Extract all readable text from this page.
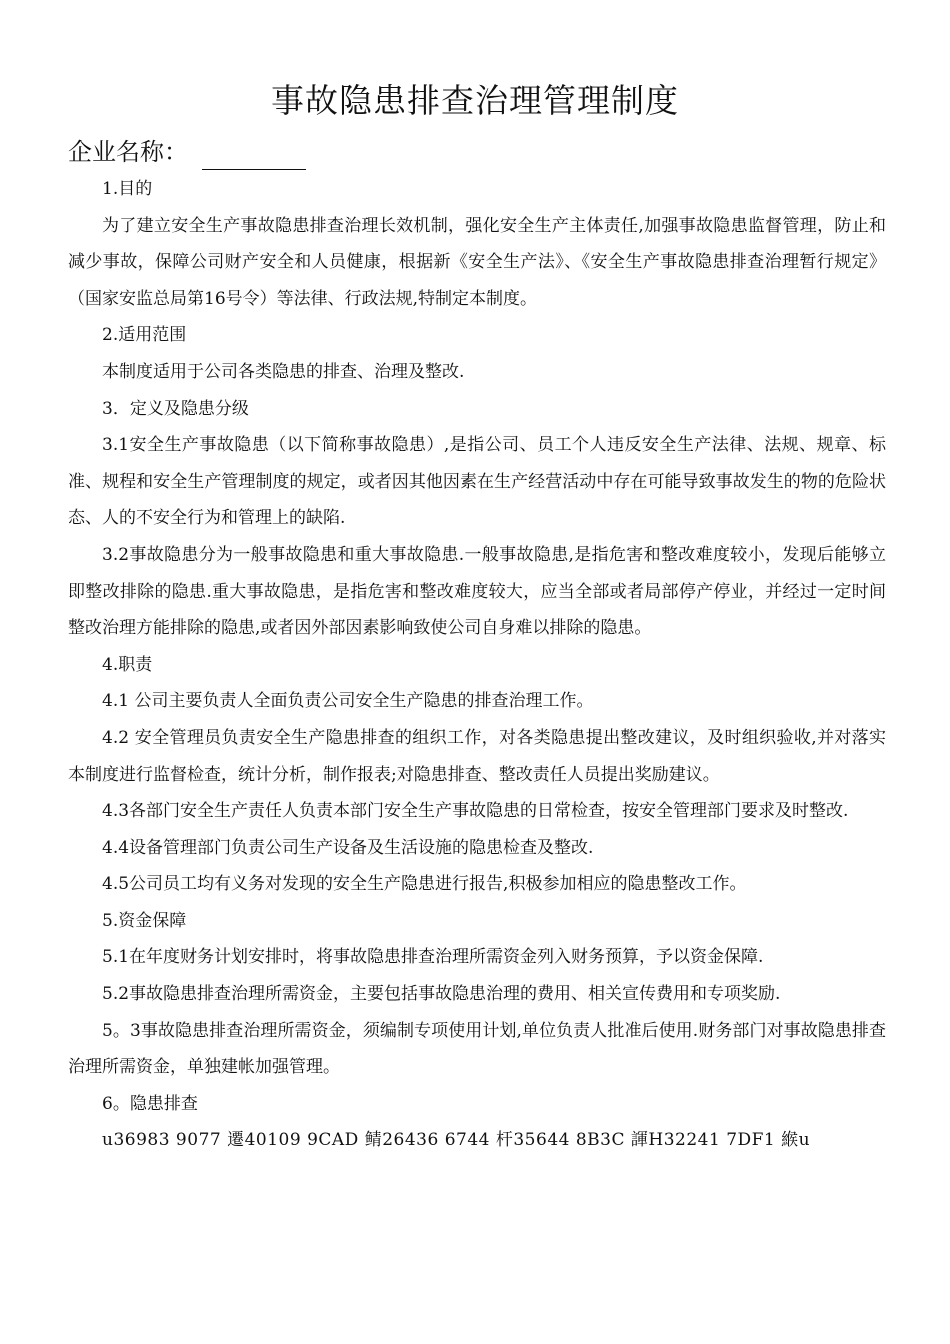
事故隐患排查治理管理制度
企业名称：

1.目的

为了建立安全生产事故隐患排查治理长效机制，强化安全生产主体责任,加强事故隐患监督管理，防止和减少事故，保障公司财产安全和人员健康，根据新《安全生产法》、《安全生产事故隐患排查治理暂行规定》（国家安监总局第16号令）等法律、行政法规,特制定本制度。

2.适用范围

本制度适用于公司各类隐患的排查、治理及整改.

3．定义及隐患分级

3.1安全生产事故隐患（以下简称事故隐患）,是指公司、员工个人违反安全生产法律、法规、规章、标准、规程和安全生产管理制度的规定，或者因其他因素在生产经营活动中存在可能导致事故发生的物的危险状态、人的不安全行为和管理上的缺陷.

3.2事故隐患分为一般事故隐患和重大事故隐患.一般事故隐患,是指危害和整改难度较小，发现后能够立即整改排除的隐患.重大事故隐患，是指危害和整改难度较大，应当全部或者局部停产停业，并经过一定时间整改治理方能排除的隐患,或者因外部因素影响致使公司自身难以排除的隐患。

4.职责

4.1 公司主要负责人全面负责公司安全生产隐患的排查治理工作。

4.2 安全管理员负责安全生产隐患排查的组织工作，对各类隐患提出整改建议，及时组织验收,并对落实本制度进行监督检查，统计分析，制作报表;对隐患排查、整改责任人员提出奖励建议。

4.3各部门安全生产责任人负责本部门安全生产事故隐患的日常检查，按安全管理部门要求及时整改.

4.4设备管理部门负责公司生产设备及生活设施的隐患检查及整改.

4.5公司员工均有义务对发现的安全生产隐患进行报告,积极参加相应的隐患整改工作。

5.资金保障

5.1在年度财务计划安排时，将事故隐患排查治理所需资金列入财务预算，予以资金保障.

5.2事故隐患排查治理所需资金，主要包括事故隐患治理的费用、相关宣传费用和专项奖励.

5。3事故隐患排查治理所需资金，须编制专项使用计划,单位负责人批准后使用.财务部门对事故隐患排查治理所需资金，单独建帐加强管理。

6。隐患排查

u36983 9077 遷40109 9CAD 鲭26436 6744 杆35644 8B3C 諢H32241 7DF1 緱u
